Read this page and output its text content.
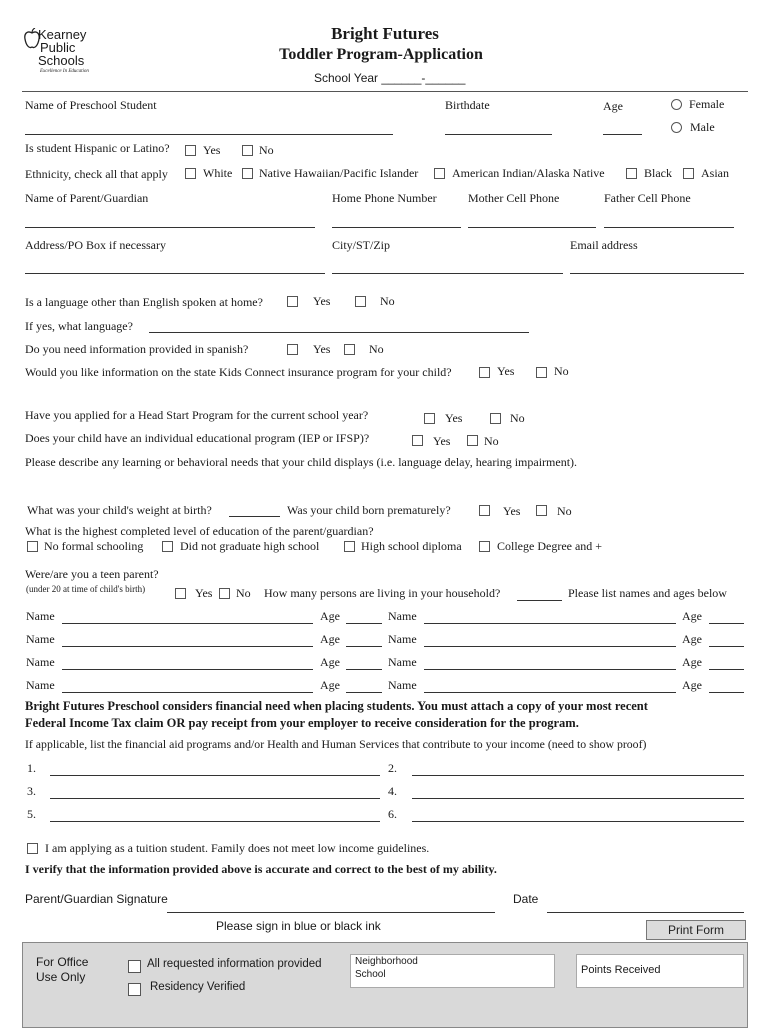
Kearney
Public
Schools
Excellence In Education
Bright Futures
Toddler Program-Application
School Year ______-______
Name of Preschool Student	Birthdate	Age	Female
Male
Is student Hispanic or Latino?	Yes	No
Ethnicity, check all that apply	White Native Hawaiian/Pacific Islander	American Indian/Alaska Native	Black Asian
Name of Parent/Guardian	Home Phone Number	Mother Cell Phone	Father Cell Phone
Address/PO Box if necessary	City/ST/Zip	Email address
Is a language other than English spoken at home?	Yes	No
If yes, what language?
Do you need information provided in spanish?	Yes	No
Would you like information on the state Kids Connect insurance program for your child?	Yes	No
Have you applied for a Head Start Program for the current school year?	Yes	No
Does your child have an individual educational program (IEP or IFSP)?	Yes	No
Please describe any learning or behavioral needs that your child displays (i.e. language delay, hearing impairment).
What was your child's weight at birth?	Was your child born prematurely?	Yes	No
What is the highest completed level of education of the parent/guardian?
No formal schooling	Did not graduate high school	High school diploma	College Degree and +
Were/are you a teen parent?
(under 20 at time of child's birth)	Yes No How many persons are living in your household?	Please list names and ages below
Name	Age	Name	Age
Name	Age	Name	Age
Name	Age	Name	Age
Name	Age	Name	Age
Bright Futures Preschool considers financial need when placing students. You must attach a copy of your most recent
Federal Income Tax claim OR pay receipt from your employer to receive consideration for the program.
If applicable, list the financial aid programs and/or Health and Human Services that contribute to your income (need to show proof)
1.	2.
3.	4.
5.	6.
I am applying as a tuition student. Family does not meet low income guidelines.
I verify that the information provided above is accurate and correct to the best of my ability.
Parent/Guardian Signature	Date
Please sign in blue or black ink	Print Form
For Office
Use Only
All requested information provided
Residency Verified
Neighborhood
School	Points Received
